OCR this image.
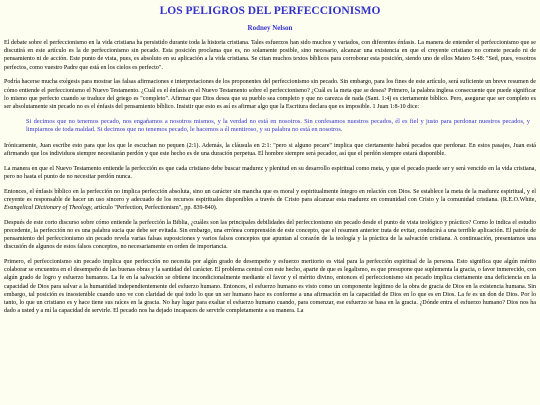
LOS PELIGROS DEL PERFECCIONISMO
Rodney Nelson

El debate sobre el perfeccionismo en la vida cristiana ha persistido durante toda la historia cristiana. Tales esfuerzos han sido muchos y variados, con diferentes énfasis. La manera de entender el perfeccionismo que se discutirá en este artículo es la de perfeccionismo sin pecado. Esta posición proclama que es, no solamente posible, sino necesario, alcanzar una existencia en que el creyente cristiano no comete pecado ni de pensamiento ni de acción. Este punto de vista, pues, es absoluto en su aplicación a la vida cristiana. Se citan muchos textos bíblicos para corroborar esta posición, siendo uno de ellos Mateo 5:48: "Sed, pues, vosotros perfectos, como vuestro Padre que está en los cielos es perfecto".

Podría hacerse mucha exégesis para mostrar las falsas afirmaciones e interpretaciones de los proponentes del perfeccionismo sin pecado. Sin embargo, para los fines de este artículo, será suficiente un breve resumen de cómo entiende el perfeccionismo el Nuevo Testamento. ¿Cuál es el énfasis en el Nuevo Testamento sobre el perfeccionismo? ¿Cuál es la meta que se desea? Primero, la palabra inglesa consecuente que puede significar lo mismo que perfecto cuando se traduce del griego es "completo". Afirmar que Dios desea que su pueblo sea completo y que no carezca de nada (Sant. 1:4) es ciertamente bíblico. Pero, asegurar que ser completo es ser absolutamente sin pecado no es el énfasis del pensamiento bíblico. Insistir que esto es así es afirmar algo que la Escritura declara que es imposible. 1 Juan 1:8-10 dice:

Si decimos que no tenemos pecado, nos engañamos a nosotros mismos, y la verdad no está en nosotros. Sin confesamos nuestros pecados, él es fiel y justo para perdonar nuestros pecados, y limpiarnos de toda maldad. Si decimos que no tenemos pecado, le hacemos a él mentiroso, y su palabra no está en nosotros.

Irónicamente, Juan escribe esto para que los que le escuchan no pequen (2:1). Además, la cláusula en 2:1: "pero si alguno pecare" implica que ciertamente habrá pecados que perdonar. En estos pasajes, Juan está afirmando que los individuos siempre necesitarán perdón y que este hecho es de una duración perpetua. El hombre siempre será pecador, así que el perdón siempre estará disponible.

La manera en que el Nuevo Testamento entiende la perfección es que cada cristiano debe buscar madurez y plenitud en su desarrollo espiritual como meta, y que el pecado puede ser y será vencido en la vida cristiana, pero no hasta el punto de no necesitar perdón nunca.

Entonces, el énfasis bíblico en la perfección no implica perfección absoluta, sino un carácter sin mancha que es moral y espiritualmente íntegro en relación con Dios. Se establece la meta de la madurez espiritual, y el creyente es responsable de hacer un uso sincero y adecuado de los recursos espirituales disponibles a través de Cristo para alcanzar esta madurez en comunidad con Cristo y la comunidad cristiana. (R.E.O.White, Evangelical Dictionary of Theology, artículo "Perfection, Perfectionism", pp. 839-840).

Después de este corto discurso sobre cómo entiende la perfección la Biblia, ¿cuáles son las principales debilidades del perfeccionismo sin pecado desde el punto de vista teológico y práctico? Como lo indica el estudio precedente, la perfección no es una palabra sucia que debe ser evitada. Sin embargo, una errónea comprensión de este concepto, que el resumen anterior trata de evitar, conducirá a una terrible aplicación. El patrón de pensamiento del perfeccionismo sin pecado revela varias falsas suposiciones y varios falsos conceptos que apuntan al corazón de la teología y la práctica de la salvación cristiana. A continuación, presentamos una discusión de algunos de estos falsos conceptos, no necesariamente en orden de importancia.

Primero, el perfeccionismo sin pecado implica que perfección no necesita por algún grado de desempeño y esfuerzo meritorio es vital para la perfección espiritual de la persona. Esto significa que algún mérito colaborar se encuentra en el desempeño de las buenas obras y la santidad del carácter. El problema central con este hecho, aparte de que es legalismo, es que presupone que suplementa la gracia, o favor inmerecido, con algún grado de logro y esfuerzo humanos. La fe en la salvación se obtiene incondicionalmente mediante el favor y el mérito divino, entonces el perfeccionismo sin pecado implica ciertamente una deficiencia en la capacidad de Dios para salvar a la humanidad independientemente del esfuerzo humano. Entonces, el esfuerzo humano es visto como un componente legítimo de la obra de gracia de Dios en la existencia humana. Sin embargo, tal posición es insostenible cuando uno ve con claridad de qué todo lo que un ser humano hace es conforme a una afirmación en la capacidad de Dios en lo que es en Dios. La fe es un don de Dios. Por lo tanto, lo que un cristiano es y hace tiene sus raíces en la gracia. No hay lugar para exaltar el esfuerzo humano cuando, para comenzar, ese esfuerzo se basa en la gracia. ¿Dónde entra el esfuerzo humano? Dios nos ha dado a usted y a mí la capacidad de servirle. El pecado nos ha dejado incapaces de servirle completamente a su manera. La
